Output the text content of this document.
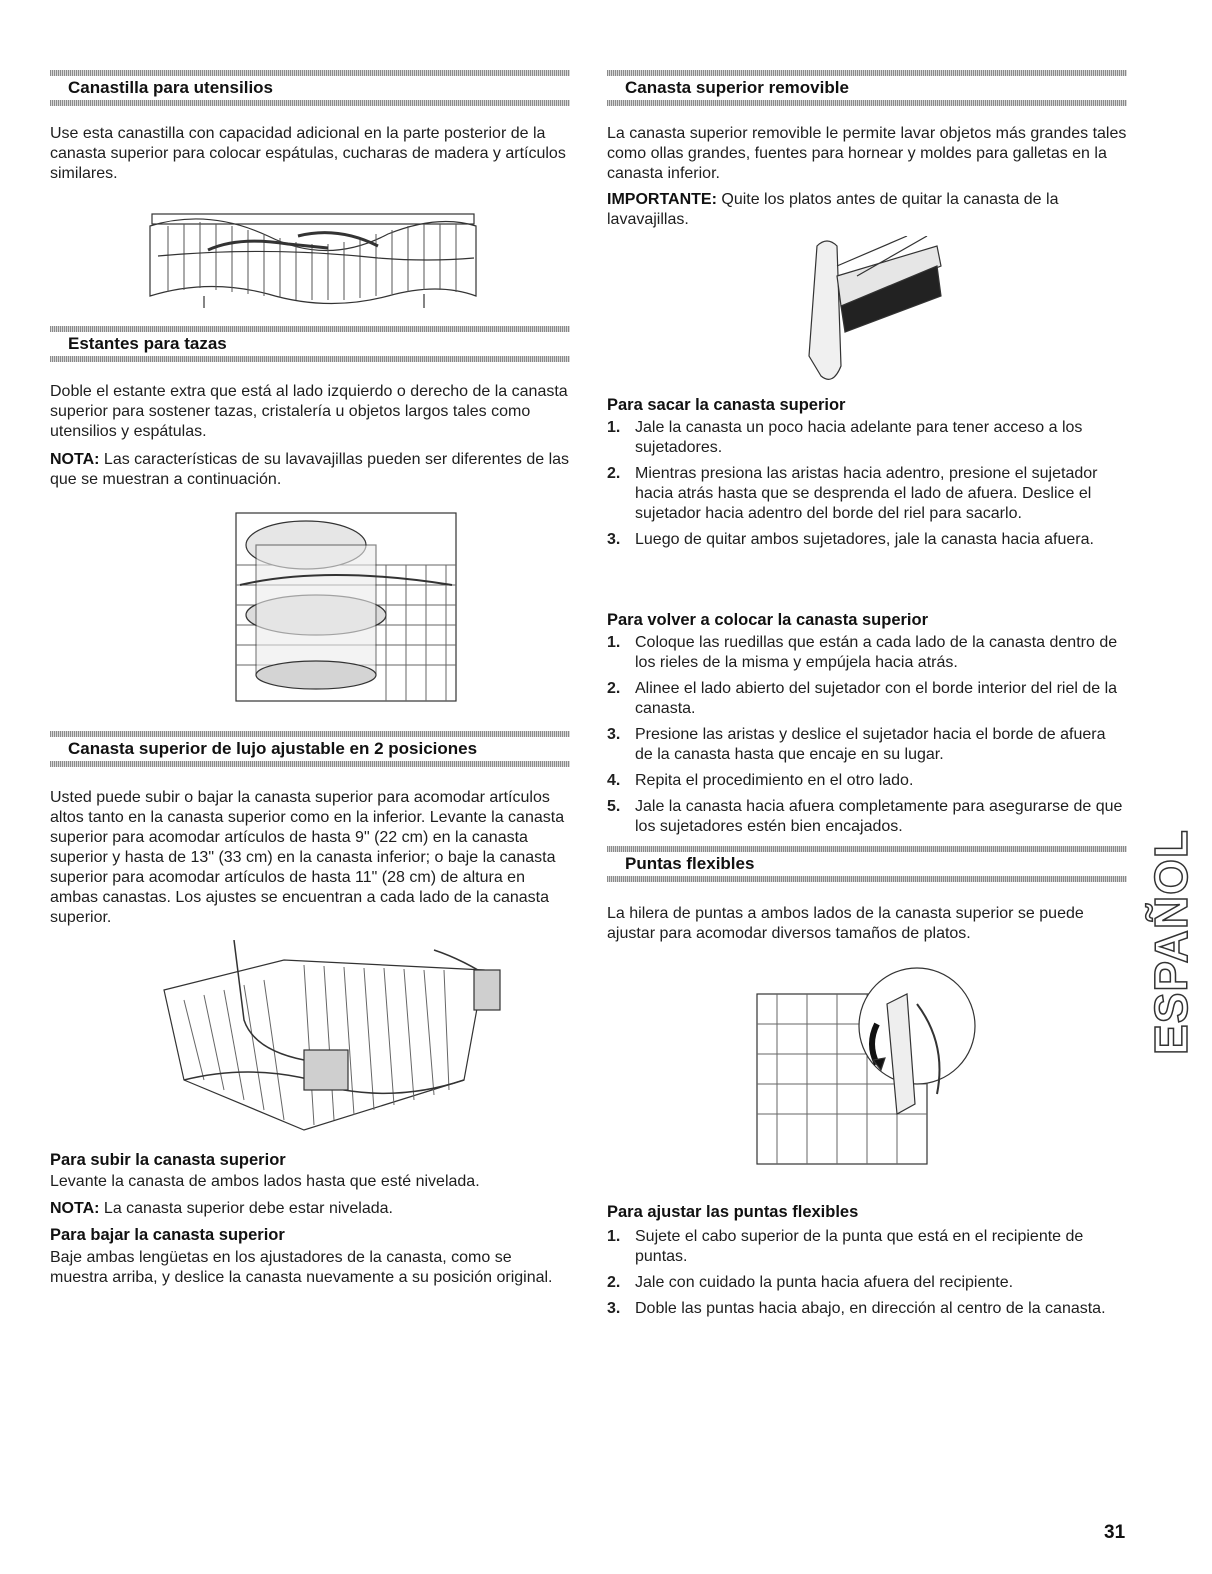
Canastilla para utensilios

Use esta canastilla con capacidad adicional en la parte posterior de la canasta superior para colocar espátulas, cucharas de madera y artículos similares.

Estantes para tazas

Doble el estante extra que está al lado izquierdo o derecho de la canasta superior para sostener tazas, cristalería u objetos largos tales como utensilios y espátulas.

NOTA: Las características de su lavavajillas pueden ser diferentes de las que se muestran a continuación.

Canasta superior de lujo ajustable en 2 posiciones

Usted puede subir o bajar la canasta superior para acomodar artículos altos tanto en la canasta superior como en la inferior. Levante la canasta superior para acomodar artículos de hasta 9" (22 cm) en la canasta superior y hasta de 13" (33 cm) en la canasta inferior; o baje la canasta superior para acomodar artículos de hasta 11" (28 cm) de altura en ambas canastas. Los ajustes se encuentran a cada lado de la canasta superior.

Para subir la canasta superior

Levante la canasta de ambos lados hasta que esté nivelada.

NOTA: La canasta superior debe estar nivelada.

Para bajar la canasta superior

Baje ambas lengüetas en los ajustadores de la canasta, como se muestra arriba, y deslice la canasta nuevamente a su posición original.

Canasta superior removible

La canasta superior removible le permite lavar objetos más grandes tales como ollas grandes, fuentes para hornear y moldes para galletas en la canasta inferior.

IMPORTANTE: Quite los platos antes de quitar la canasta de la lavavajillas.

Para sacar la canasta superior

1. Jale la canasta un poco hacia adelante para tener acceso a los sujetadores.
2. Mientras presiona las aristas hacia adentro, presione el sujetador hacia atrás hasta que se desprenda el lado de afuera. Deslice el sujetador hacia adentro del borde del riel para sacarlo.
3. Luego de quitar ambos sujetadores, jale la canasta hacia afuera.

Para volver a colocar la canasta superior

1. Coloque las ruedillas que están a cada lado de la canasta dentro de los rieles de la misma y empújela hacia atrás.
2. Alinee el lado abierto del sujetador con el borde interior del riel de la canasta.
3. Presione las aristas y deslice el sujetador hacia el borde de afuera de la canasta hasta que encaje en su lugar.
4. Repita el procedimiento en el otro lado.
5. Jale la canasta hacia afuera completamente para asegurarse de que los sujetadores estén bien encajados.
Puntas flexibles

La hilera de puntas a ambos lados de la canasta superior se puede ajustar para acomodar diversos tamaños de platos.

Para ajustar las puntas flexibles

1. Sujete el cabo superior de la punta que está en el recipiente de puntas.
2. Jale con cuidado la punta hacia afuera del recipiente.
3. Doble las puntas hacia abajo, en dirección al centro de la canasta.
ESPAÑOL
31
